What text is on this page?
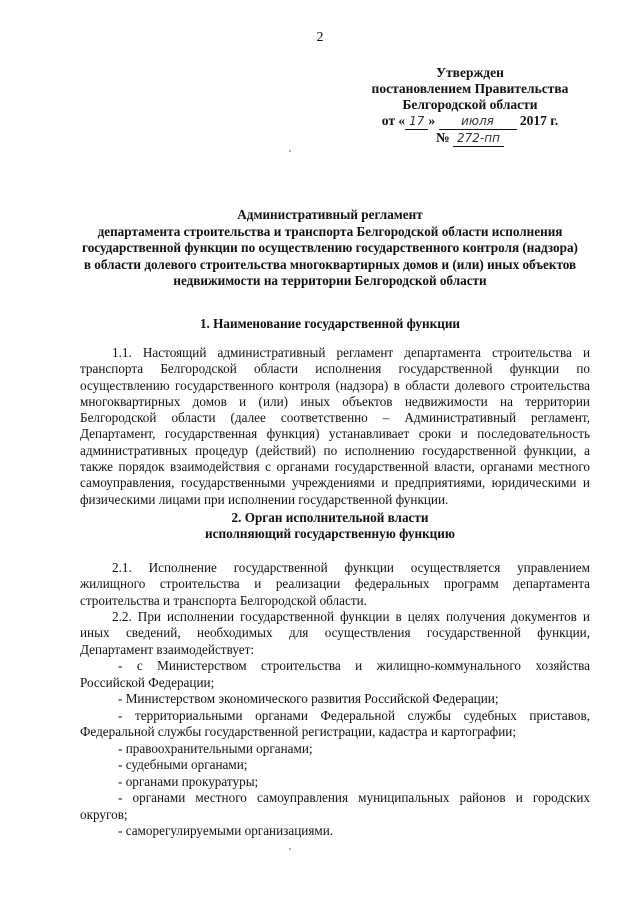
2
Утвержден
постановлением Правительства
Белгородской области
от « 17 » июля 2017 г.
№ 272-пп
Административный регламент
департамента строительства и транспорта Белгородской области исполнения
государственной функции по осуществлению государственного контроля (надзора)
в области долевого строительства многоквартирных домов и (или) иных объектов
недвижимости на территории Белгородской области
1. Наименование государственной функции
1.1. Настоящий административный регламент департамента строительства и
транспорта Белгородской области исполнения государственной функции по
осуществлению государственного контроля (надзора) в области долевого строительства
многоквартирных домов и (или) иных объектов недвижимости на территории
Белгородской области (далее соответственно – Административный регламент,
Департамент, государственная функция) устанавливает сроки и последовательность
административных процедур (действий) по исполнению государственной функции, а
также порядок взаимодействия с органами государственной власти, органами местного
самоуправления, государственными учреждениями и предприятиями, юридическими и
физическими лицами при исполнении государственной функции.
2. Орган исполнительной власти
исполняющий государственную функцию
2.1. Исполнение государственной функции осуществляется управлением
жилищного строительства и реализации федеральных программ департамента
строительства и транспорта Белгородской области.
2.2. При исполнении государственной функции в целях получения документов и
иных сведений, необходимых для осуществления государственной функции,
Департамент взаимодействует:
- с Министерством строительства и жилищно-коммунального хозяйства
Российской Федерации;
- Министерством экономического развития Российской Федерации;
- территориальными органами Федеральной службы судебных приставов,
Федеральной службы государственной регистрации, кадастра и картографии;
- правоохранительными органами;
- судебными органами;
- органами прокуратуры;
- органами местного самоуправления муниципальных районов и городских
округов;
- саморегулируемыми организациями.
